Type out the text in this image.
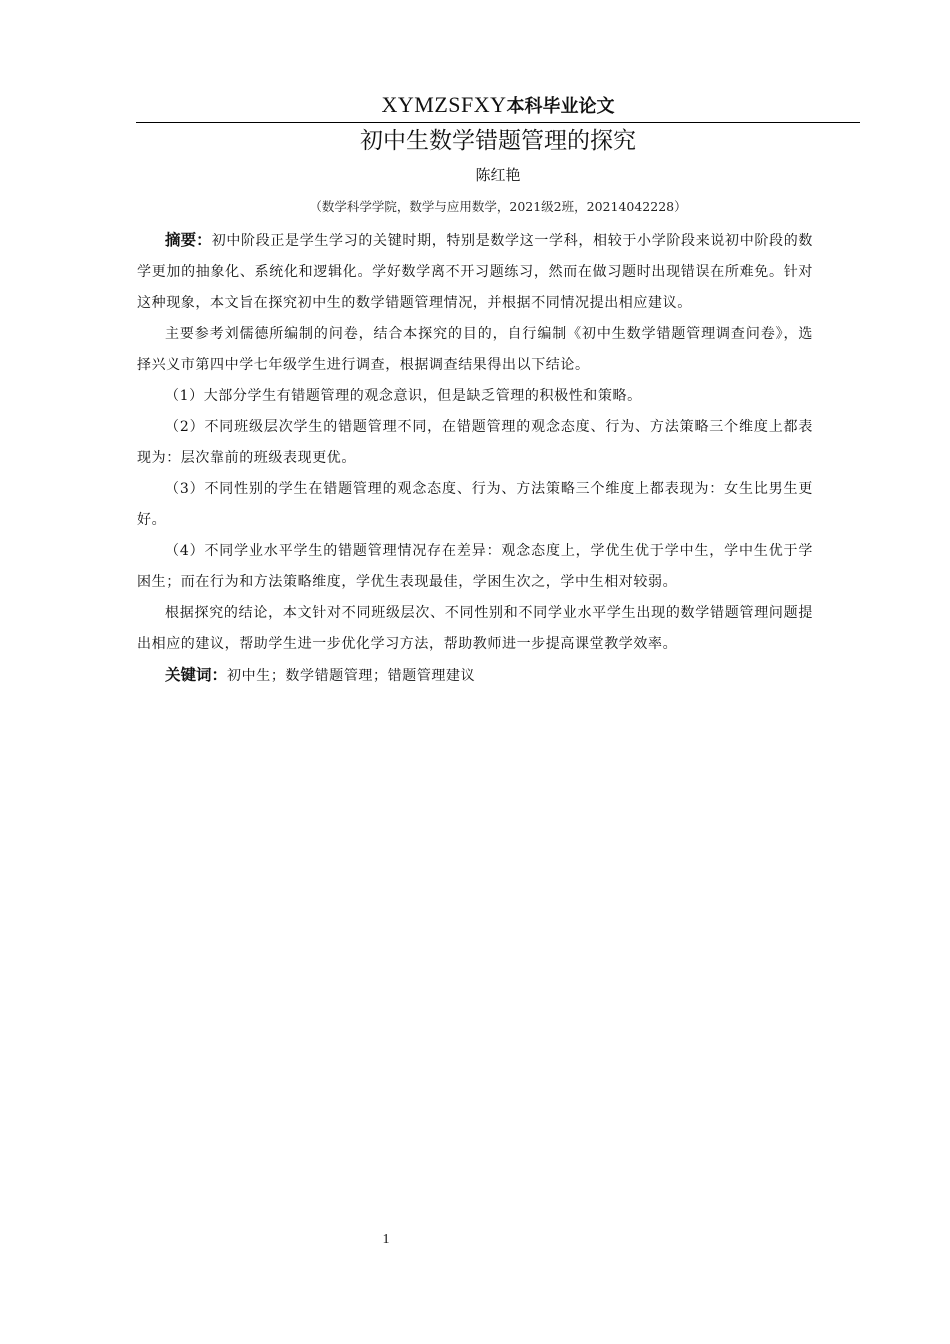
XYMZSFXY本科毕业论文
初中生数学错题管理的探究
陈红艳
（数学科学学院，数学与应用数学，2021级2班，20214042228）

摘要：初中阶段正是学生学习的关键时期，特别是数学这一学科，相较于小学阶段来说初中阶段的数学更加的抽象化、系统化和逻辑化。学好数学离不开习题练习，然而在做习题时出现错误在所难免。针对这种现象，本文旨在探究初中生的数学错题管理情况，并根据不同情况提出相应建议。

主要参考刘儒德所编制的问卷，结合本探究的目的，自行编制《初中生数学错题管理调查问卷》，选择兴义市第四中学七年级学生进行调查，根据调查结果得出以下结论。

（1）大部分学生有错题管理的观念意识，但是缺乏管理的积极性和策略。

（2）不同班级层次学生的错题管理不同，在错题管理的观念态度、行为、方法策略三个维度上都表现为：层次靠前的班级表现更优。

（3）不同性别的学生在错题管理的观念态度、行为、方法策略三个维度上都表现为：女生比男生更好。

（4）不同学业水平学生的错题管理情况存在差异：观念态度上，学优生优于学中生，学中生优于学困生；而在行为和方法策略维度，学优生表现最佳，学困生次之，学中生相对较弱。

根据探究的结论，本文针对不同班级层次、不同性别和不同学业水平学生出现的数学错题管理问题提出相应的建议，帮助学生进一步优化学习方法，帮助教师进一步提高课堂教学效率。

关键词：初中生；数学错题管理；错题管理建议

1
